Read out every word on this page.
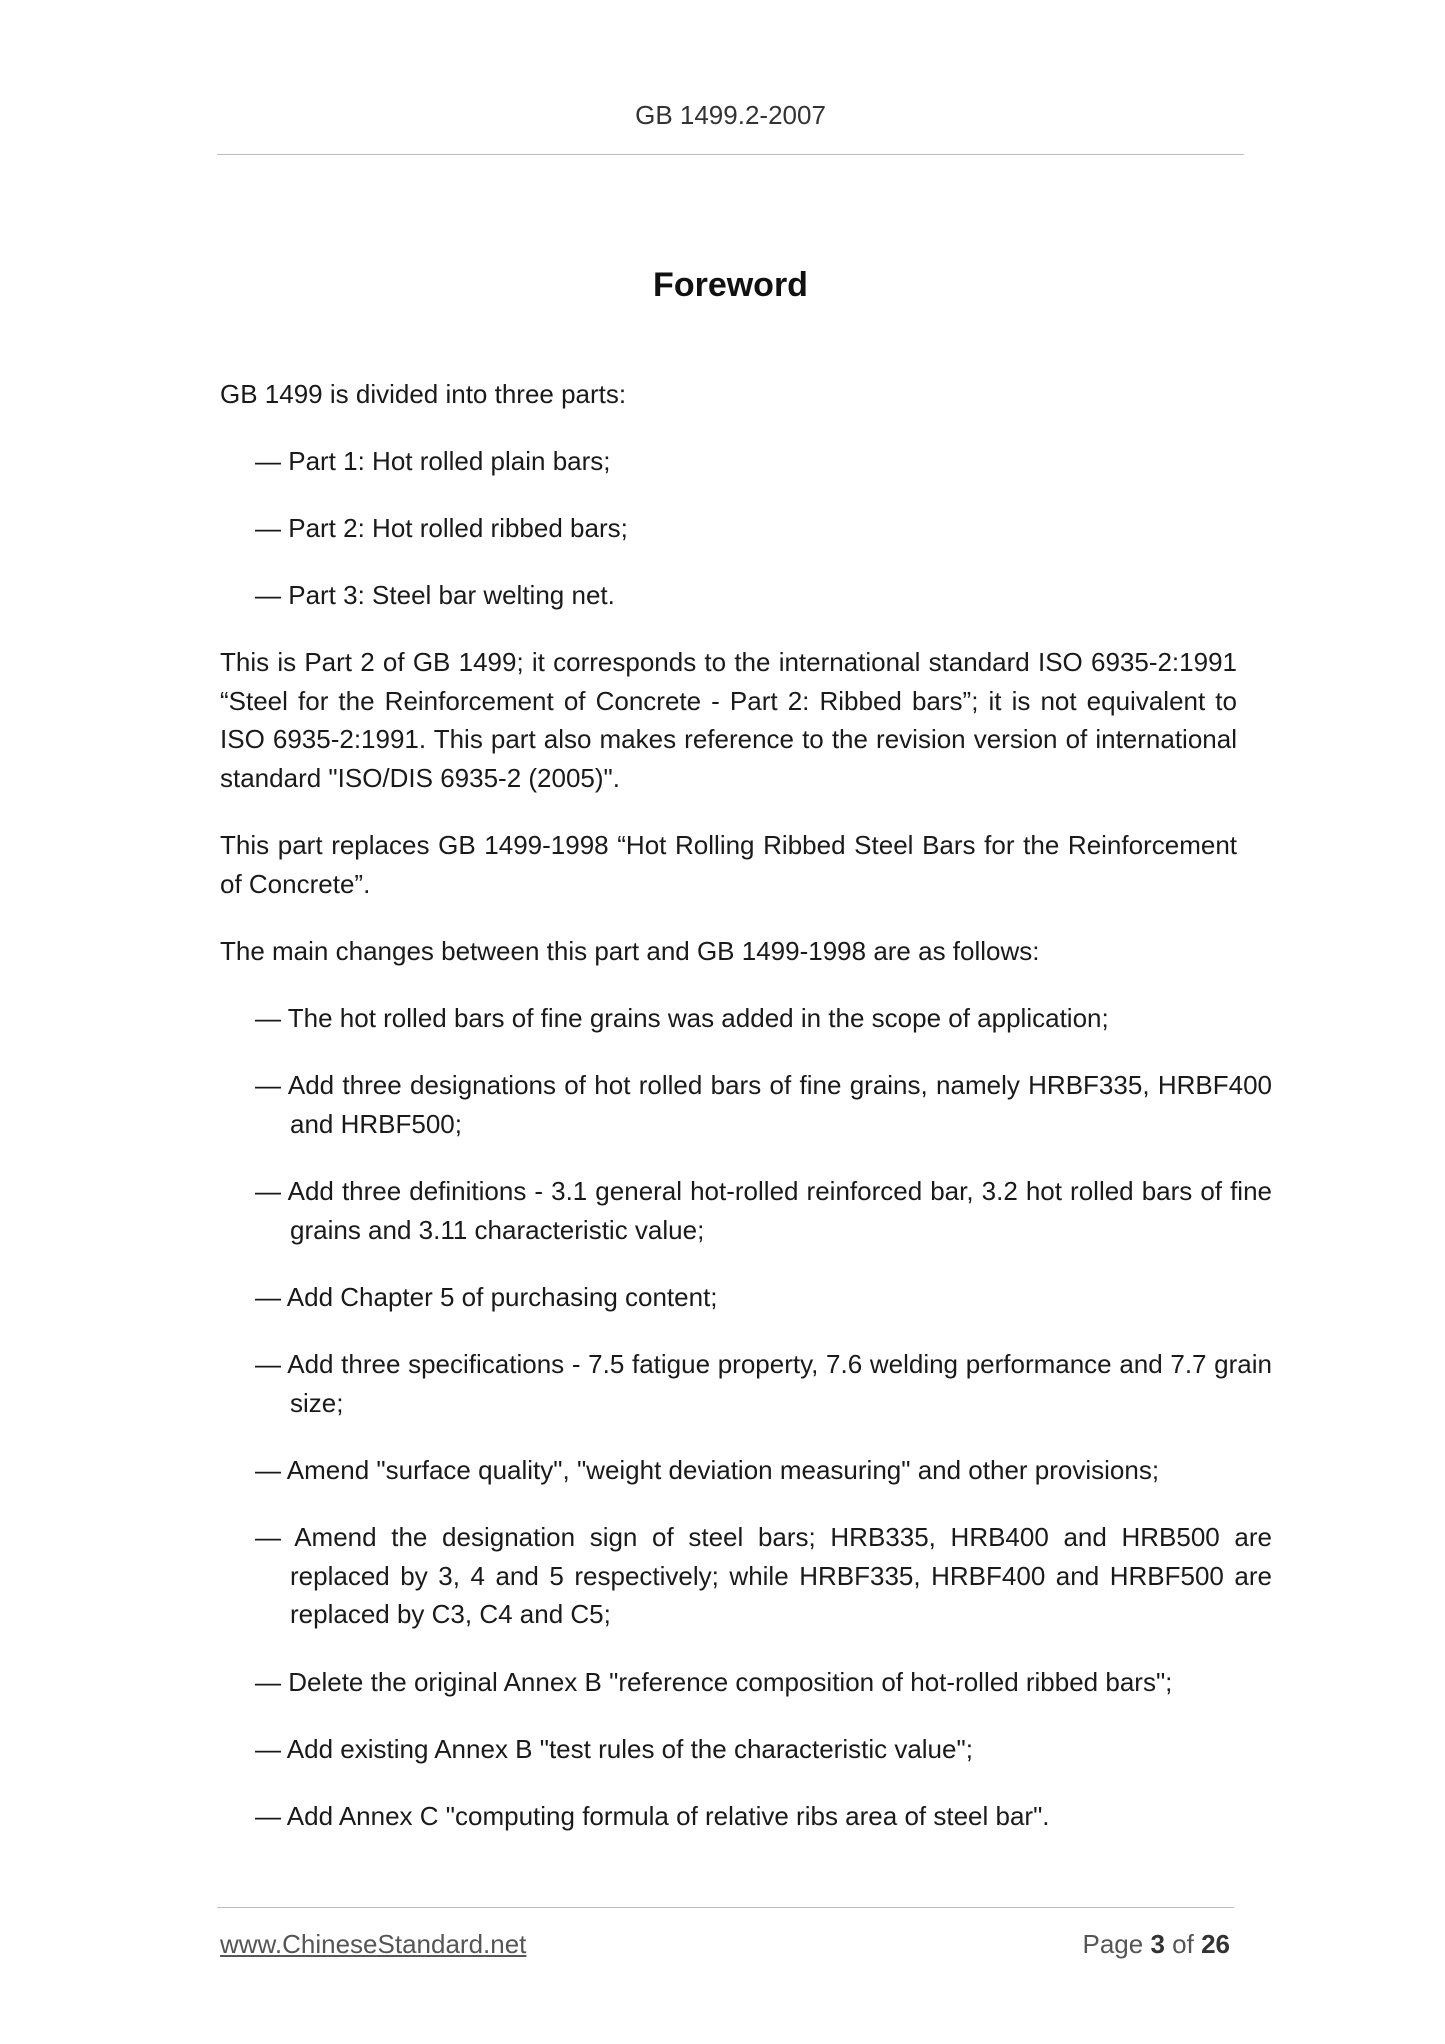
GB 1499.2-2007
Foreword
GB 1499 is divided into three parts:
— Part 1: Hot rolled plain bars;
— Part 2: Hot rolled ribbed bars;
— Part 3: Steel bar welting net.
This is Part 2 of GB 1499; it corresponds to the international standard ISO 6935-2:1991 “Steel for the Reinforcement of Concrete - Part 2: Ribbed bars”; it is not equivalent to ISO 6935-2:1991. This part also makes reference to the revision version of international standard "ISO/DIS 6935-2 (2005)".
This part replaces GB 1499-1998 “Hot Rolling Ribbed Steel Bars for the Reinforcement of Concrete”.
The main changes between this part and GB 1499-1998 are as follows:
— The hot rolled bars of fine grains was added in the scope of application;
— Add three designations of hot rolled bars of fine grains, namely HRBF335, HRBF400 and HRBF500;
— Add three definitions - 3.1 general hot-rolled reinforced bar, 3.2 hot rolled bars of fine grains and 3.11 characteristic value;
— Add Chapter 5 of purchasing content;
— Add three specifications - 7.5 fatigue property, 7.6 welding performance and 7.7 grain size;
— Amend "surface quality", "weight deviation measuring" and other provisions;
— Amend the designation sign of steel bars; HRB335, HRB400 and HRB500 are replaced by 3, 4 and 5 respectively; while HRBF335, HRBF400 and HRBF500 are replaced by C3, C4 and C5;
— Delete the original Annex B "reference composition of hot-rolled ribbed bars";
— Add existing Annex B "test rules of the characteristic value";
— Add Annex C "computing formula of relative ribs area of steel bar".
www.ChineseStandard.net	Page 3 of 26
